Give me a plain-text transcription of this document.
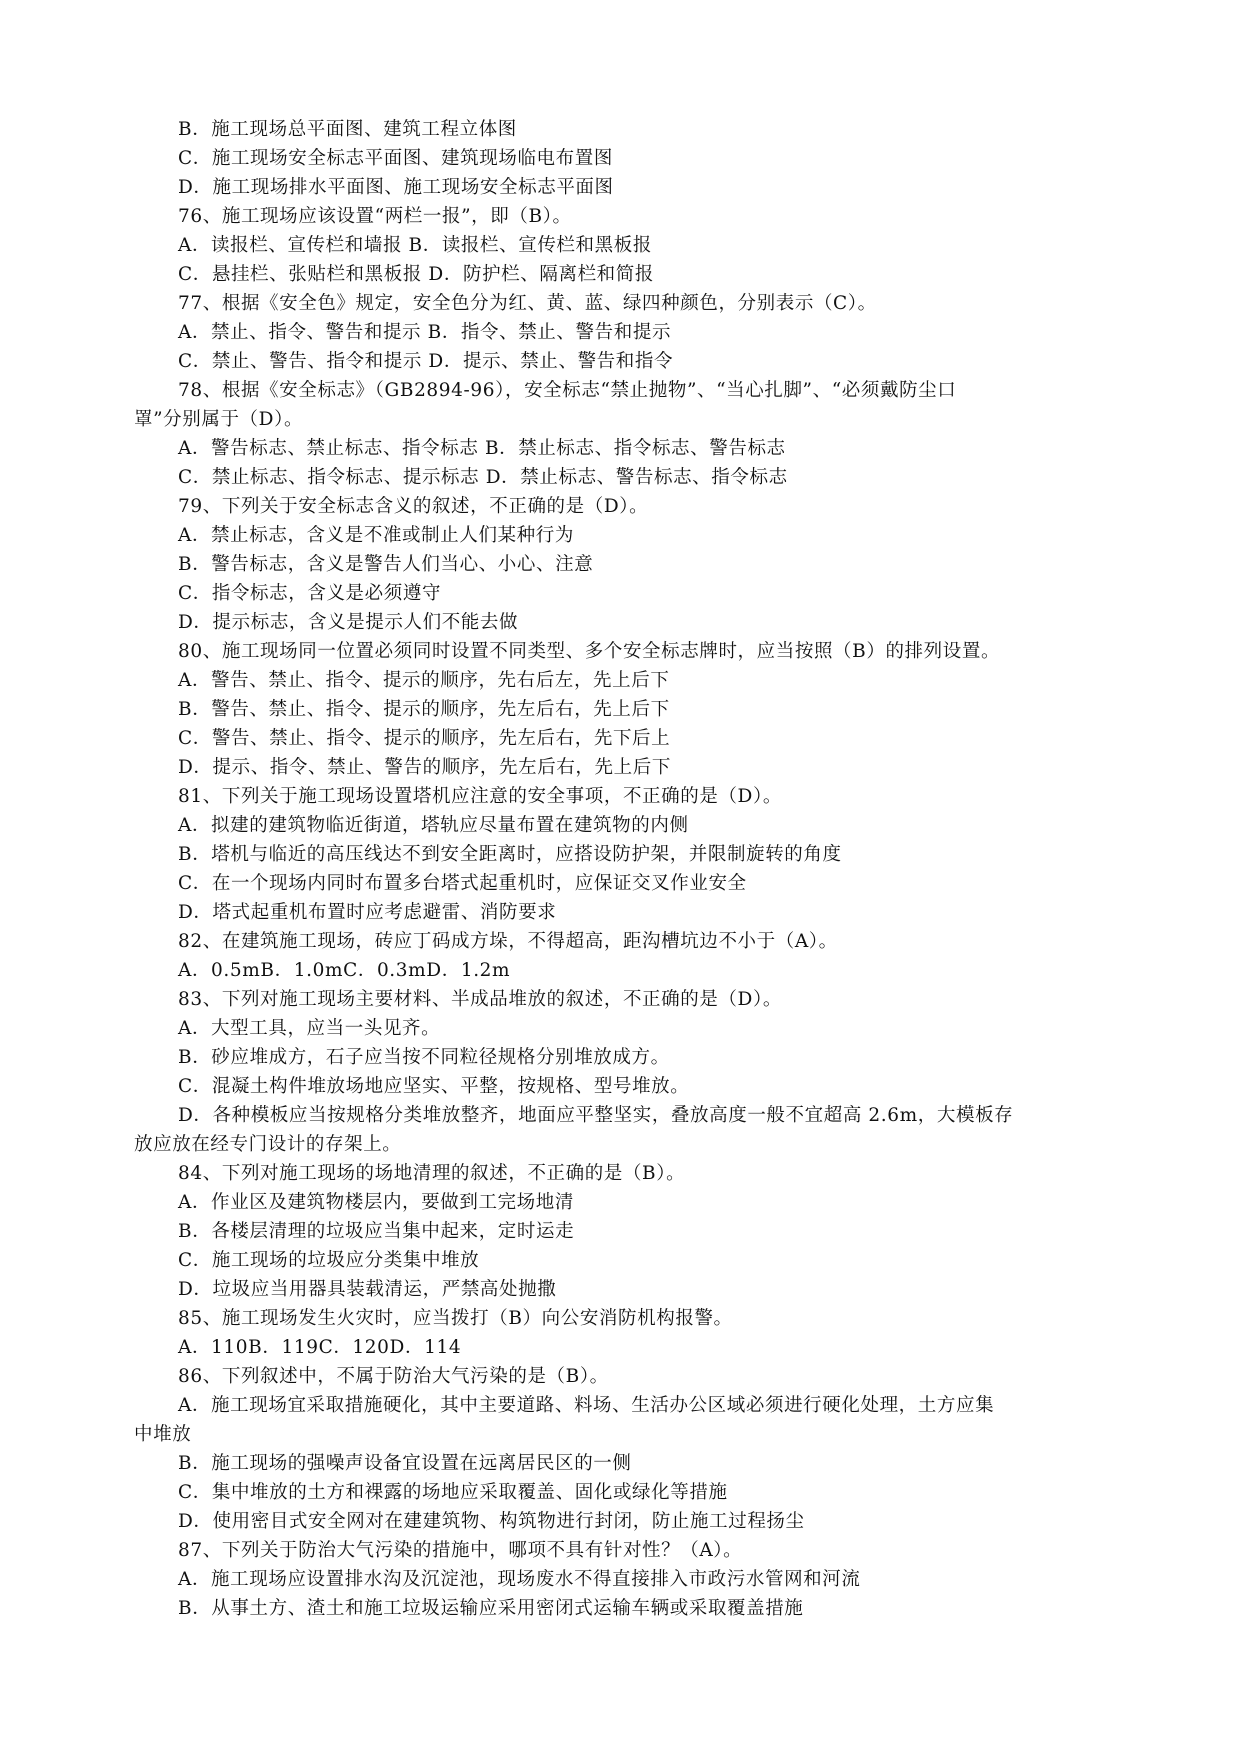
B．施工现场总平面图、建筑工程立体图
C．施工现场安全标志平面图、建筑现场临电布置图
D．施工现场排水平面图、施工现场安全标志平面图
76、施工现场应该设置“两栏一报”，即（B）。
A．读报栏、宣传栏和墙报 B．读报栏、宣传栏和黑板报
C．悬挂栏、张贴栏和黑板报 D．防护栏、隔离栏和简报
77、根据《安全色》规定，安全色分为红、黄、蓝、绿四种颜色，分别表示（C）。
A．禁止、指令、警告和提示 B．指令、禁止、警告和提示
C．禁止、警告、指令和提示 D．提示、禁止、警告和指令
78、根据《安全标志》（GB2894-96），安全标志“禁止抛物”、“当心扎脚”、“必须戴防尘口
罩”分别属于（D）。
A．警告标志、禁止标志、指令标志 B．禁止标志、指令标志、警告标志
C．禁止标志、指令标志、提示标志 D．禁止标志、警告标志、指令标志
79、下列关于安全标志含义的叙述，不正确的是（D）。
A．禁止标志，含义是不准或制止人们某种行为
B．警告标志，含义是警告人们当心、小心、注意
C．指令标志，含义是必须遵守
D．提示标志，含义是提示人们不能去做
80、施工现场同一位置必须同时设置不同类型、多个安全标志牌时，应当按照（B）的排列设置。
A．警告、禁止、指令、提示的顺序，先右后左，先上后下
B．警告、禁止、指令、提示的顺序，先左后右，先上后下
C．警告、禁止、指令、提示的顺序，先左后右，先下后上
D．提示、指令、禁止、警告的顺序，先左后右，先上后下
81、下列关于施工现场设置塔机应注意的安全事项，不正确的是（D）。
A．拟建的建筑物临近街道，塔轨应尽量布置在建筑物的内侧
B．塔机与临近的高压线达不到安全距离时，应搭设防护架，并限制旋转的角度
C．在一个现场内同时布置多台塔式起重机时，应保证交叉作业安全
D．塔式起重机布置时应考虑避雷、消防要求
82、在建筑施工现场，砖应丁码成方垛，不得超高，距沟槽坑边不小于（A）。
A．0.5mB．1.0mC．0.3mD．1.2m
83、下列对施工现场主要材料、半成品堆放的叙述，不正确的是（D）。
A．大型工具，应当一头见齐。
B．砂应堆成方，石子应当按不同粒径规格分别堆放成方。
C．混凝土构件堆放场地应坚实、平整，按规格、型号堆放。
D．各种模板应当按规格分类堆放整齐，地面应平整坚实，叠放高度一般不宜超高 2.6m，大模板存
放应放在经专门设计的存架上。
84、下列对施工现场的场地清理的叙述，不正确的是（B）。
A．作业区及建筑物楼层内，要做到工完场地清
B．各楼层清理的垃圾应当集中起来，定时运走
C．施工现场的垃圾应分类集中堆放
D．垃圾应当用器具装载清运，严禁高处抛撒
85、施工现场发生火灾时，应当拨打（B）向公安消防机构报警。
A．110B．119C．120D．114
86、下列叙述中，不属于防治大气污染的是（B）。
A．施工现场宜采取措施硬化，其中主要道路、料场、生活办公区域必须进行硬化处理，土方应集
中堆放
B．施工现场的强噪声设备宜设置在远离居民区的一侧
C．集中堆放的土方和裸露的场地应采取覆盖、固化或绿化等措施
D．使用密目式安全网对在建建筑物、构筑物进行封闭，防止施工过程扬尘
87、下列关于防治大气污染的措施中，哪项不具有针对性？（A）。
A．施工现场应设置排水沟及沉淀池，现场废水不得直接排入市政污水管网和河流
B．从事土方、渣土和施工垃圾运输应采用密闭式运输车辆或采取覆盖措施
